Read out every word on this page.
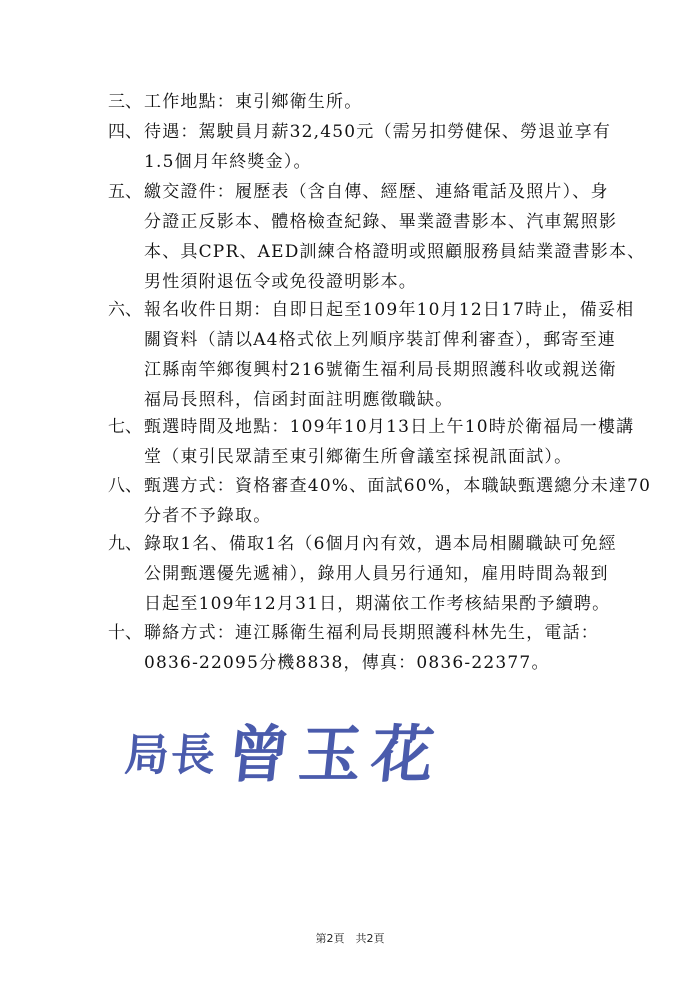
三、 工作地點：東引鄉衛生所。
四、 待遇：駕駛員月薪32,450元（需另扣勞健保、勞退並享有
1.5個月年終獎金）。
五、 繳交證件：履歷表（含自傳、經歷、連絡電話及照片）、身
分證正反影本、體格檢查紀錄、畢業證書影本、汽車駕照影
本、具CPR、AED訓練合格證明或照顧服務員結業證書影本、
男性須附退伍令或免役證明影本。
六、 報名收件日期：自即日起至109年10月12日17時止，備妥相
關資料（請以A4格式依上列順序裝訂俾利審查），郵寄至連
江縣南竿鄉復興村216號衛生福利局長期照護科收或親送衛
福局長照科，信函封面註明應徵職缺。
七、 甄選時間及地點：109年10月13日上午10時於衛福局一樓講
堂（東引民眾請至東引鄉衛生所會議室採視訊面試）。
八、 甄選方式：資格審查40%、面試60%，本職缺甄選總分未達70
分者不予錄取。
九、 錄取1名、備取1名（6個月內有效，遇本局相關職缺可免經
公開甄選優先遞補），錄用人員另行通知，雇用時間為報到
日起至109年12月31日，期滿依工作考核結果酌予續聘。
十、 聯絡方式：連江縣衛生福利局長期照護科林先生，電話：
0836-22095分機8838，傳真：0836-22377。
局長 曾玉花
第2頁　共2頁
